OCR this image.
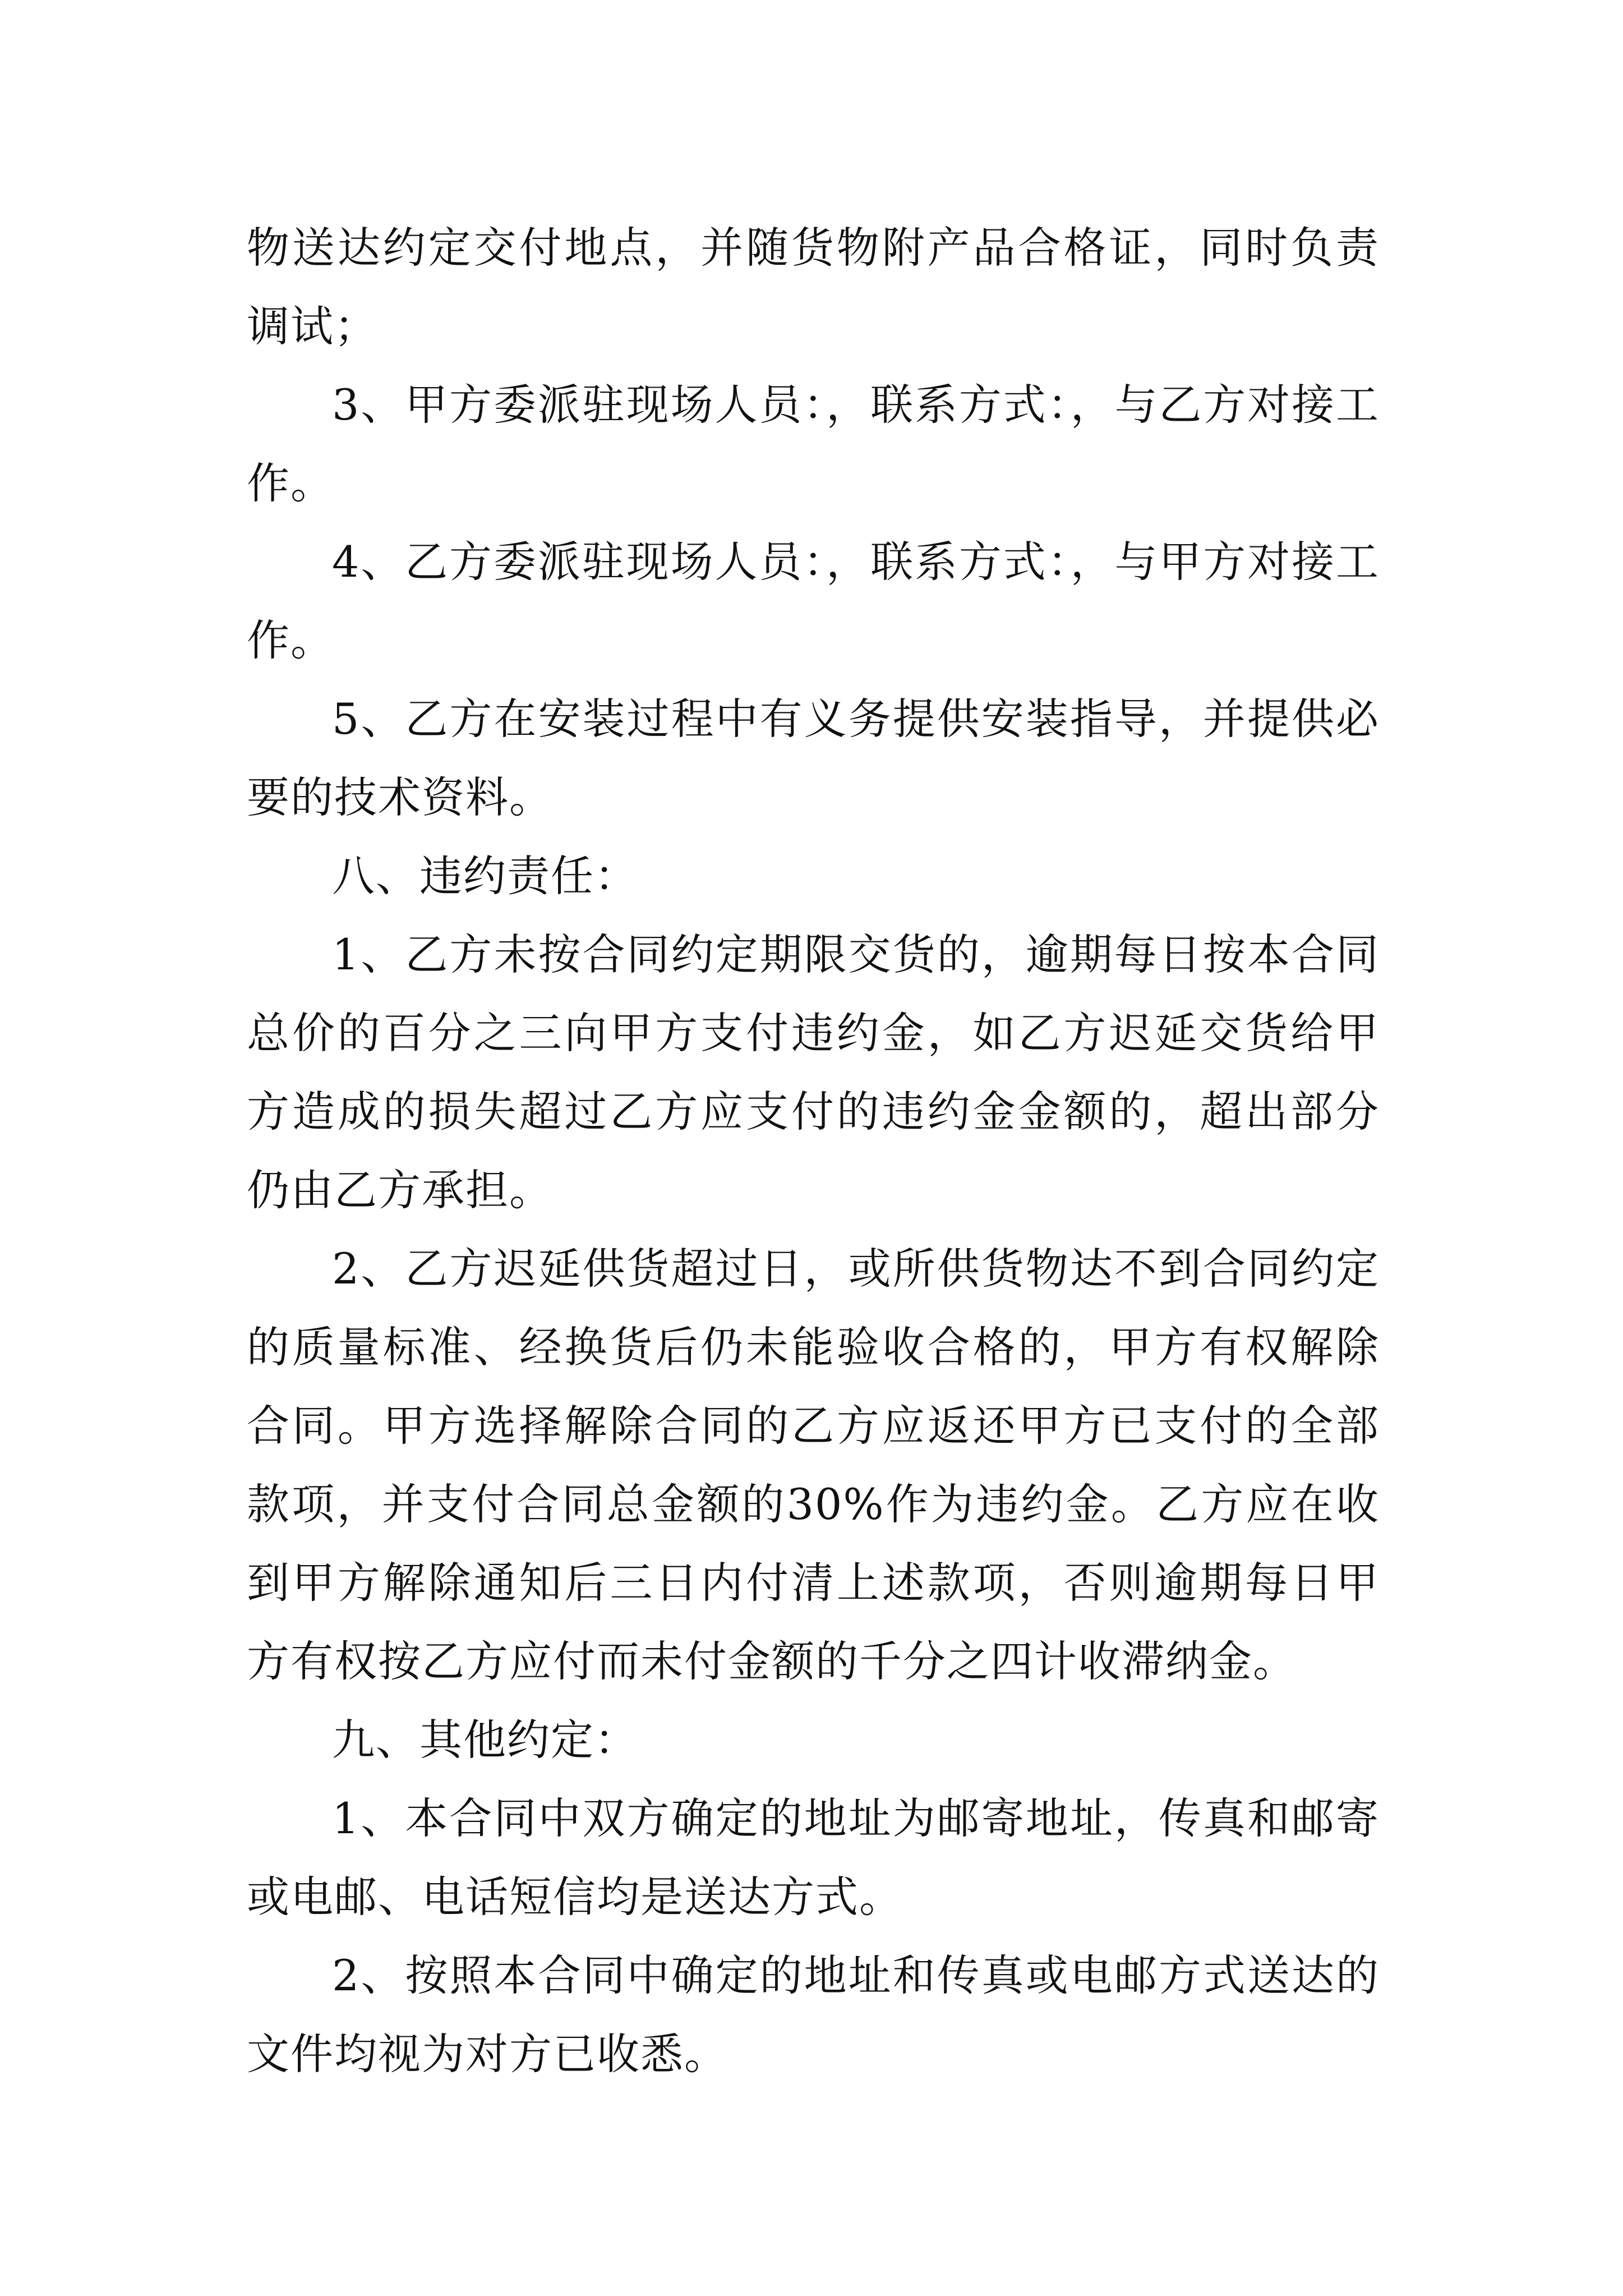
物送达约定交付地点，并随货物附产品合格证，同时负责调试；

3、甲方委派驻现场人员：，联系方式：，与乙方对接工作。

4、乙方委派驻现场人员：，联系方式：，与甲方对接工作。

5、乙方在安装过程中有义务提供安装指导，并提供必要的技术资料。

八、违约责任：

1、乙方未按合同约定期限交货的，逾期每日按本合同总价的百分之三向甲方支付违约金，如乙方迟延交货给甲方造成的损失超过乙方应支付的违约金金额的，超出部分仍由乙方承担。

2、乙方迟延供货超过日，或所供货物达不到合同约定的质量标准、经换货后仍未能验收合格的，甲方有权解除合同。甲方选择解除合同的乙方应返还甲方已支付的全部款项，并支付合同总金额的30%作为违约金。乙方应在收到甲方解除通知后三日内付清上述款项，否则逾期每日甲方有权按乙方应付而未付金额的千分之四计收滞纳金。

九、其他约定：

1、本合同中双方确定的地址为邮寄地址，传真和邮寄或电邮、电话短信均是送达方式。

2、按照本合同中确定的地址和传真或电邮方式送达的文件均视为对方已收悉。
